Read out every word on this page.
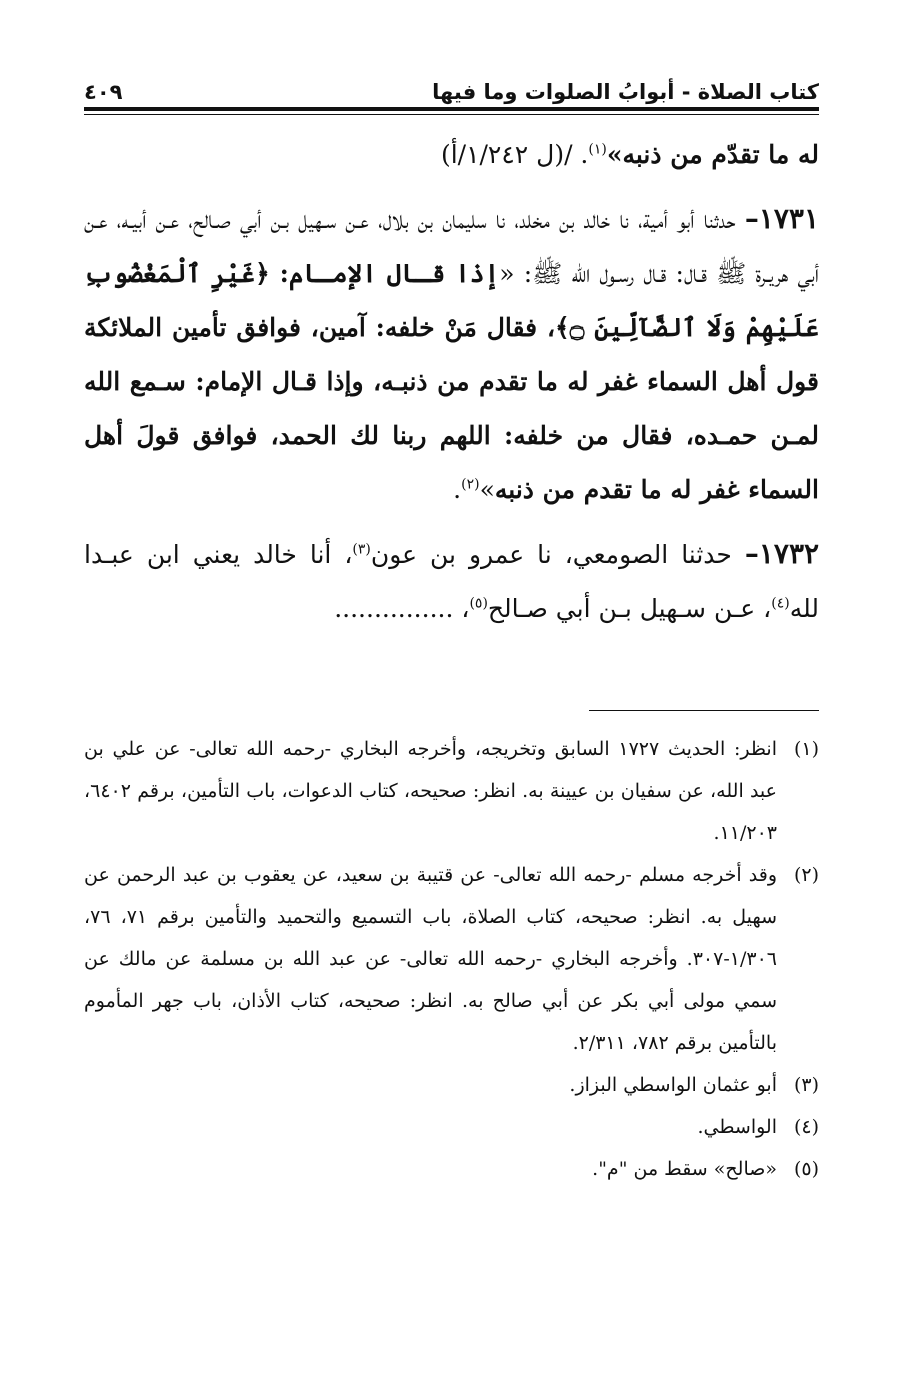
كتاب الصلاة - أبوابُ الصلوات وما فيها
٤٠٩

له ما تقدّم من ذنبه»$^{(١)}$. /(ل ١/٢٤٢/أ)

١٧٣١– حدثنا أبو أمية، نا خالد بن مخلد، نا سليمان بن بلال، عـن سـهيل بـن أبي صـالح، عـن أبيـه، عـن أبي هريـرة ﷺ قـال: قـال رسـول الله ﷺ: «إذا قـال الإمـام: ﴿غَيْرِ ٱلْمَغْضُوبِ عَلَيْهِمْ وَلَا ٱلضَّآلِّينَ ۝﴾، فقال مَنْ خلفه: آمين، فوافق تأمين الملائكة قول أهل السماء غفر له ما تقدم من ذنبـه، وإذا قـال الإمام: سـمع الله لمـن حمـده، فقال من خلفه: اللهم ربنا لك الحمد، فوافق قولَ أهل السماء غفر له ما تقدم من ذنبه»$^{(٢)}$.

١٧٣٢– حدثنا الصومعي، نا عمرو بن عون$^{(٣)}$، أنا خالد يعني ابن عبـدا لله$^{(٤)}$، عـن سـهيل بـن أبي صـالح$^{(٥)}$، ...............

(١)انظر: الحديث ١٧٢٧ السابق وتخريجه، وأخرجه البخاري -رحمه الله تعالى- عن علي بن عبد الله، عن سفيان بن عيينة به. انظر: صحيحه، كتاب الدعوات، باب التأمين، برقم ٦٤٠٢، ١١/٢٠٣.

(٢)وقد أخرجه مسلم -رحمه الله تعالى- عن قتيبة بن سعيد، عن يعقوب بن عبد الرحمن عن سهيل به. انظر: صحيحه، كتاب الصلاة، باب التسميع والتحميد والتأمين برقم ٧١، ٧٦، ١/٣٠٦-٣٠٧. وأخرجه البخاري -رحمه الله تعالى- عن عبد الله بن مسلمة عن مالك عن سمي مولى أبي بكر عن أبي صالح به. انظر: صحيحه، كتاب الأذان، باب جهر المأموم بالتأمين برقم ٧٨٢، ٢/٣١١.

(٣)أبو عثمان الواسطي البزاز.

(٤)الواسطي.

(٥)«صالح» سقط من "م".
